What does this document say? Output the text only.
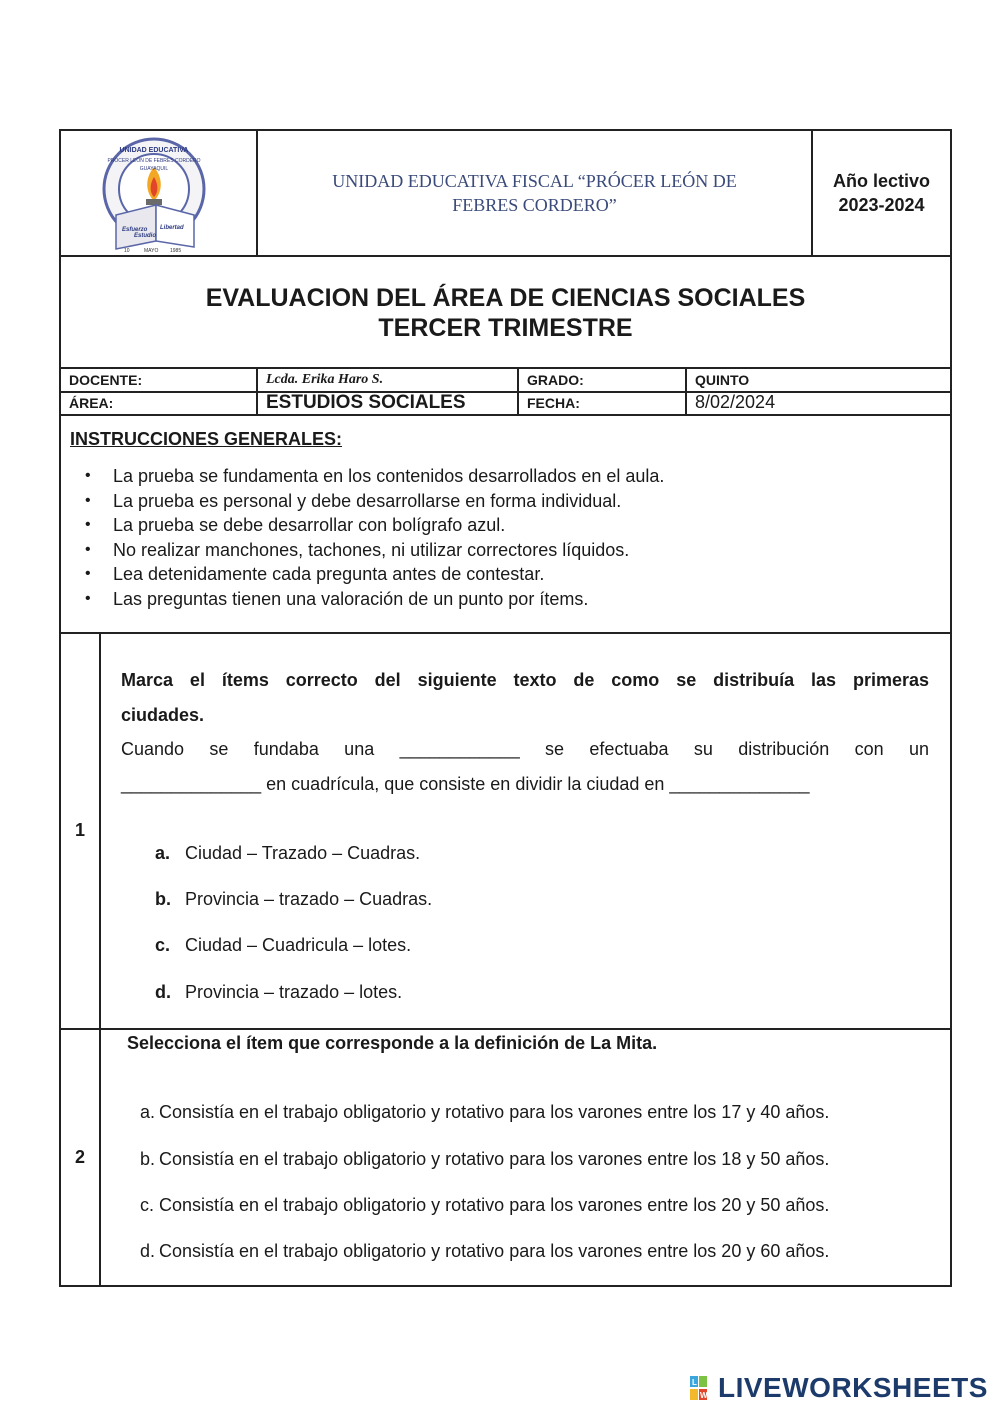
UNIDAD EDUCATIVA
PRÓCER LEÓN DE FEBRES CORDERO
GUAYAQUIL
Esfuerzo
Estudio
Libertad
10	MAYO 1985
UNIDAD EDUCATIVA FISCAL “PRÓCER LEÓN DE
FEBRES CORDERO”
Año lectivo
2023-2024
EVALUACION DEL ÁREA DE CIENCIAS SOCIALES
TERCER TRIMESTRE
DOCENTE:	Lcda. Erika Haro S.	GRADO:	QUINTO
ÁREA:	ESTUDIOS SOCIALES	FECHA:	8/02/2024
INSTRUCCIONES GENERALES:
• La prueba se fundamenta en los contenidos desarrollados en el aula.
• La prueba es personal y debe desarrollarse en forma individual.
• La prueba se debe desarrollar con bolígrafo azul.
• No realizar manchones, tachones, ni utilizar correctores líquidos.
• Lea detenidamente cada pregunta antes de contestar.
• Las preguntas tienen una valoración de un punto por ítems.
1
Marca el ítems correcto del siguiente texto de como se distribuía las primeras
ciudades.
Cuando se fundaba una ____________ se efectuaba su distribución con un
______________ en cuadrícula, que consiste en dividir la ciudad en ______________
a. Ciudad – Trazado – Cuadras.
b. Provincia – trazado – Cuadras.
c. Ciudad – Cuadricula – lotes.
d. Provincia – trazado – lotes.
2
Selecciona el ítem que corresponde a la definición de La Mita.
a. Consistía en el trabajo obligatorio y rotativo para los varones entre los 17 y 40 años.
b. Consistía en el trabajo obligatorio y rotativo para los varones entre los 18 y 50 años.
c. Consistía en el trabajo obligatorio y rotativo para los varones entre los 20 y 50 años.
d. Consistía en el trabajo obligatorio y rotativo para los varones entre los 20 y 60 años.
L
W LIVEWORKSHEETS
